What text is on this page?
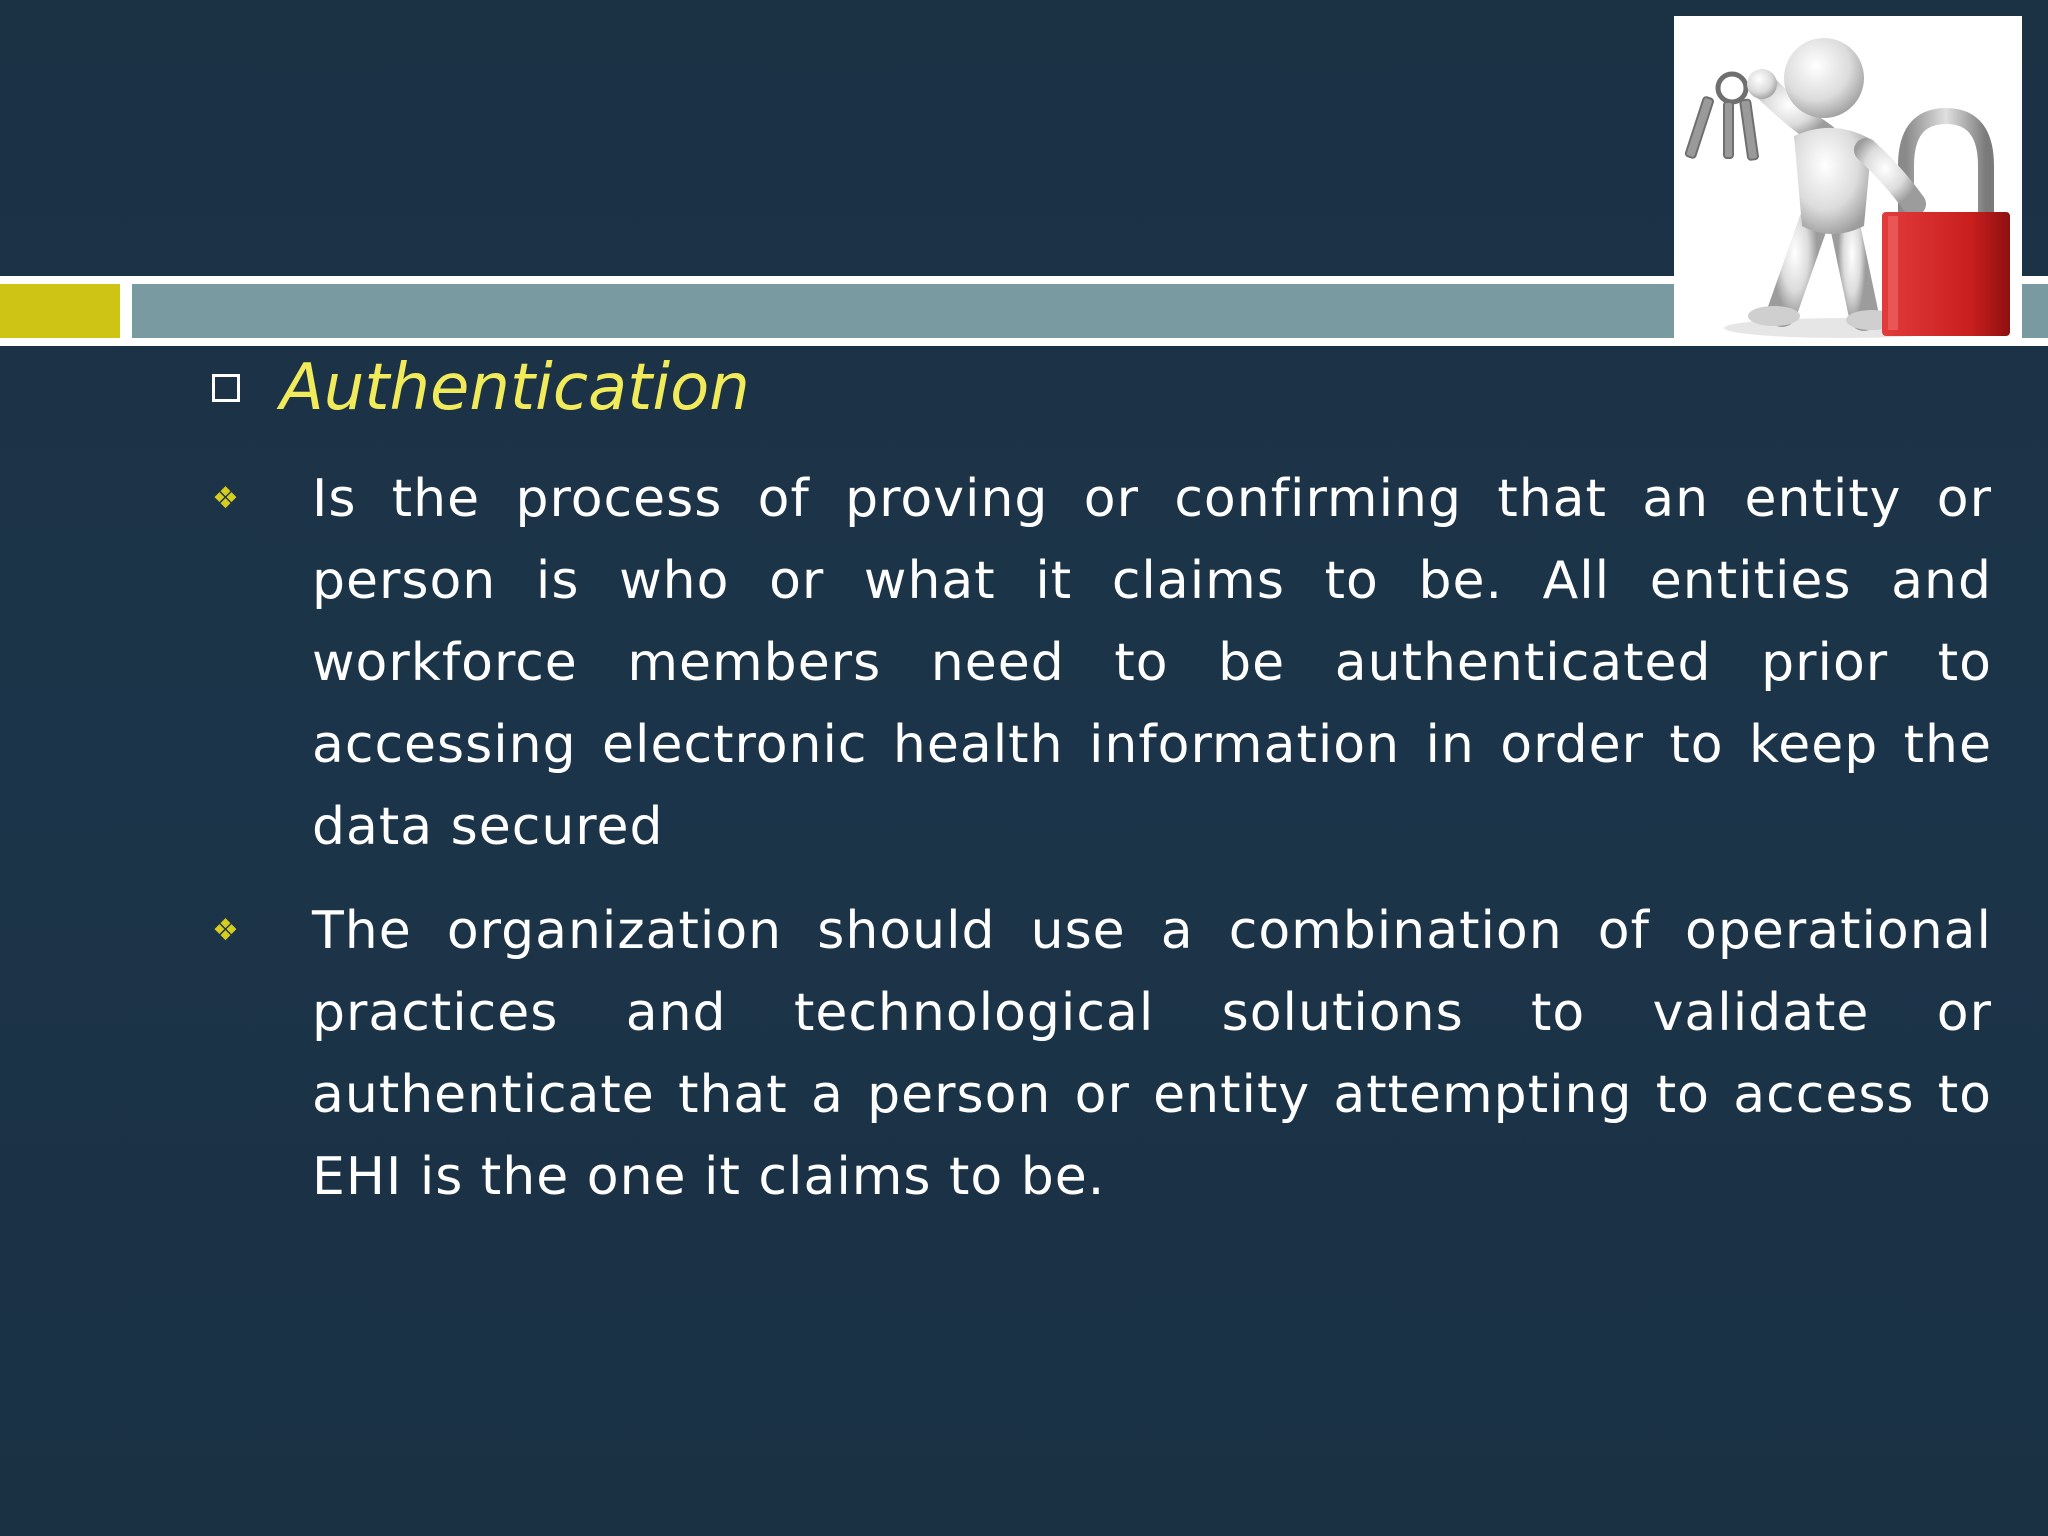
Authentication
❖	Is the process of proving or confirming that an entity or person is who or what it claims to be. All entities and workforce members need to be authenticated prior to accessing electronic health information in order to keep the data secured
❖	The organization should use a combination of operational practices and technological solutions to validate or authenticate that a person or entity attempting to access to EHI is the one it claims to be.
